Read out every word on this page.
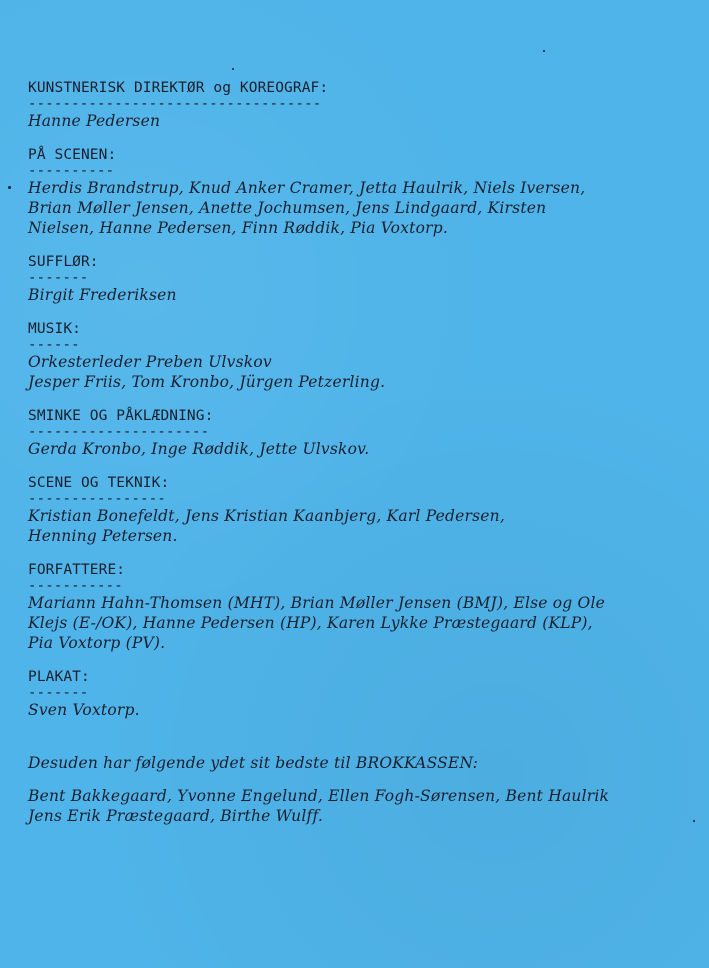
KUNSTNERISK DIREKTØR og KOREOGRAF:
----------------------------------
Hanne Pedersen
PÅ SCENEN:
----------
Herdis Brandstrup, Knud Anker Cramer, Jetta Haulrik, Niels Iversen,
Brian Møller Jensen, Anette Jochumsen, Jens Lindgaard, Kirsten
Nielsen, Hanne Pedersen, Finn Røddik, Pia Voxtorp.
SUFFLØR:
-------
Birgit Frederiksen
MUSIK:
------
Orkesterleder Preben Ulvskov
Jesper Friis, Tom Kronbo, Jürgen Petzerling.
SMINKE OG PÅKLÆDNING:
---------------------
Gerda Kronbo, Inge Røddik, Jette Ulvskov.
SCENE OG TEKNIK:
----------------
Kristian Bonefeldt, Jens Kristian Kaanbjerg, Karl Pedersen,
Henning Petersen.
FORFATTERE:
-----------
Mariann Hahn-Thomsen (MHT), Brian Møller Jensen (BMJ), Else og Ole
Klejs (E-/OK), Hanne Pedersen (HP), Karen Lykke Præstegaard (KLP),
Pia Voxtorp (PV).
PLAKAT:
-------
Sven Voxtorp.
Desuden har følgende ydet sit bedste til BROKKASSEN:
Bent Bakkegaard, Yvonne Engelund, Ellen Fogh-Sørensen, Bent Haulrik
Jens Erik Præstegaard, Birthe Wulff.
